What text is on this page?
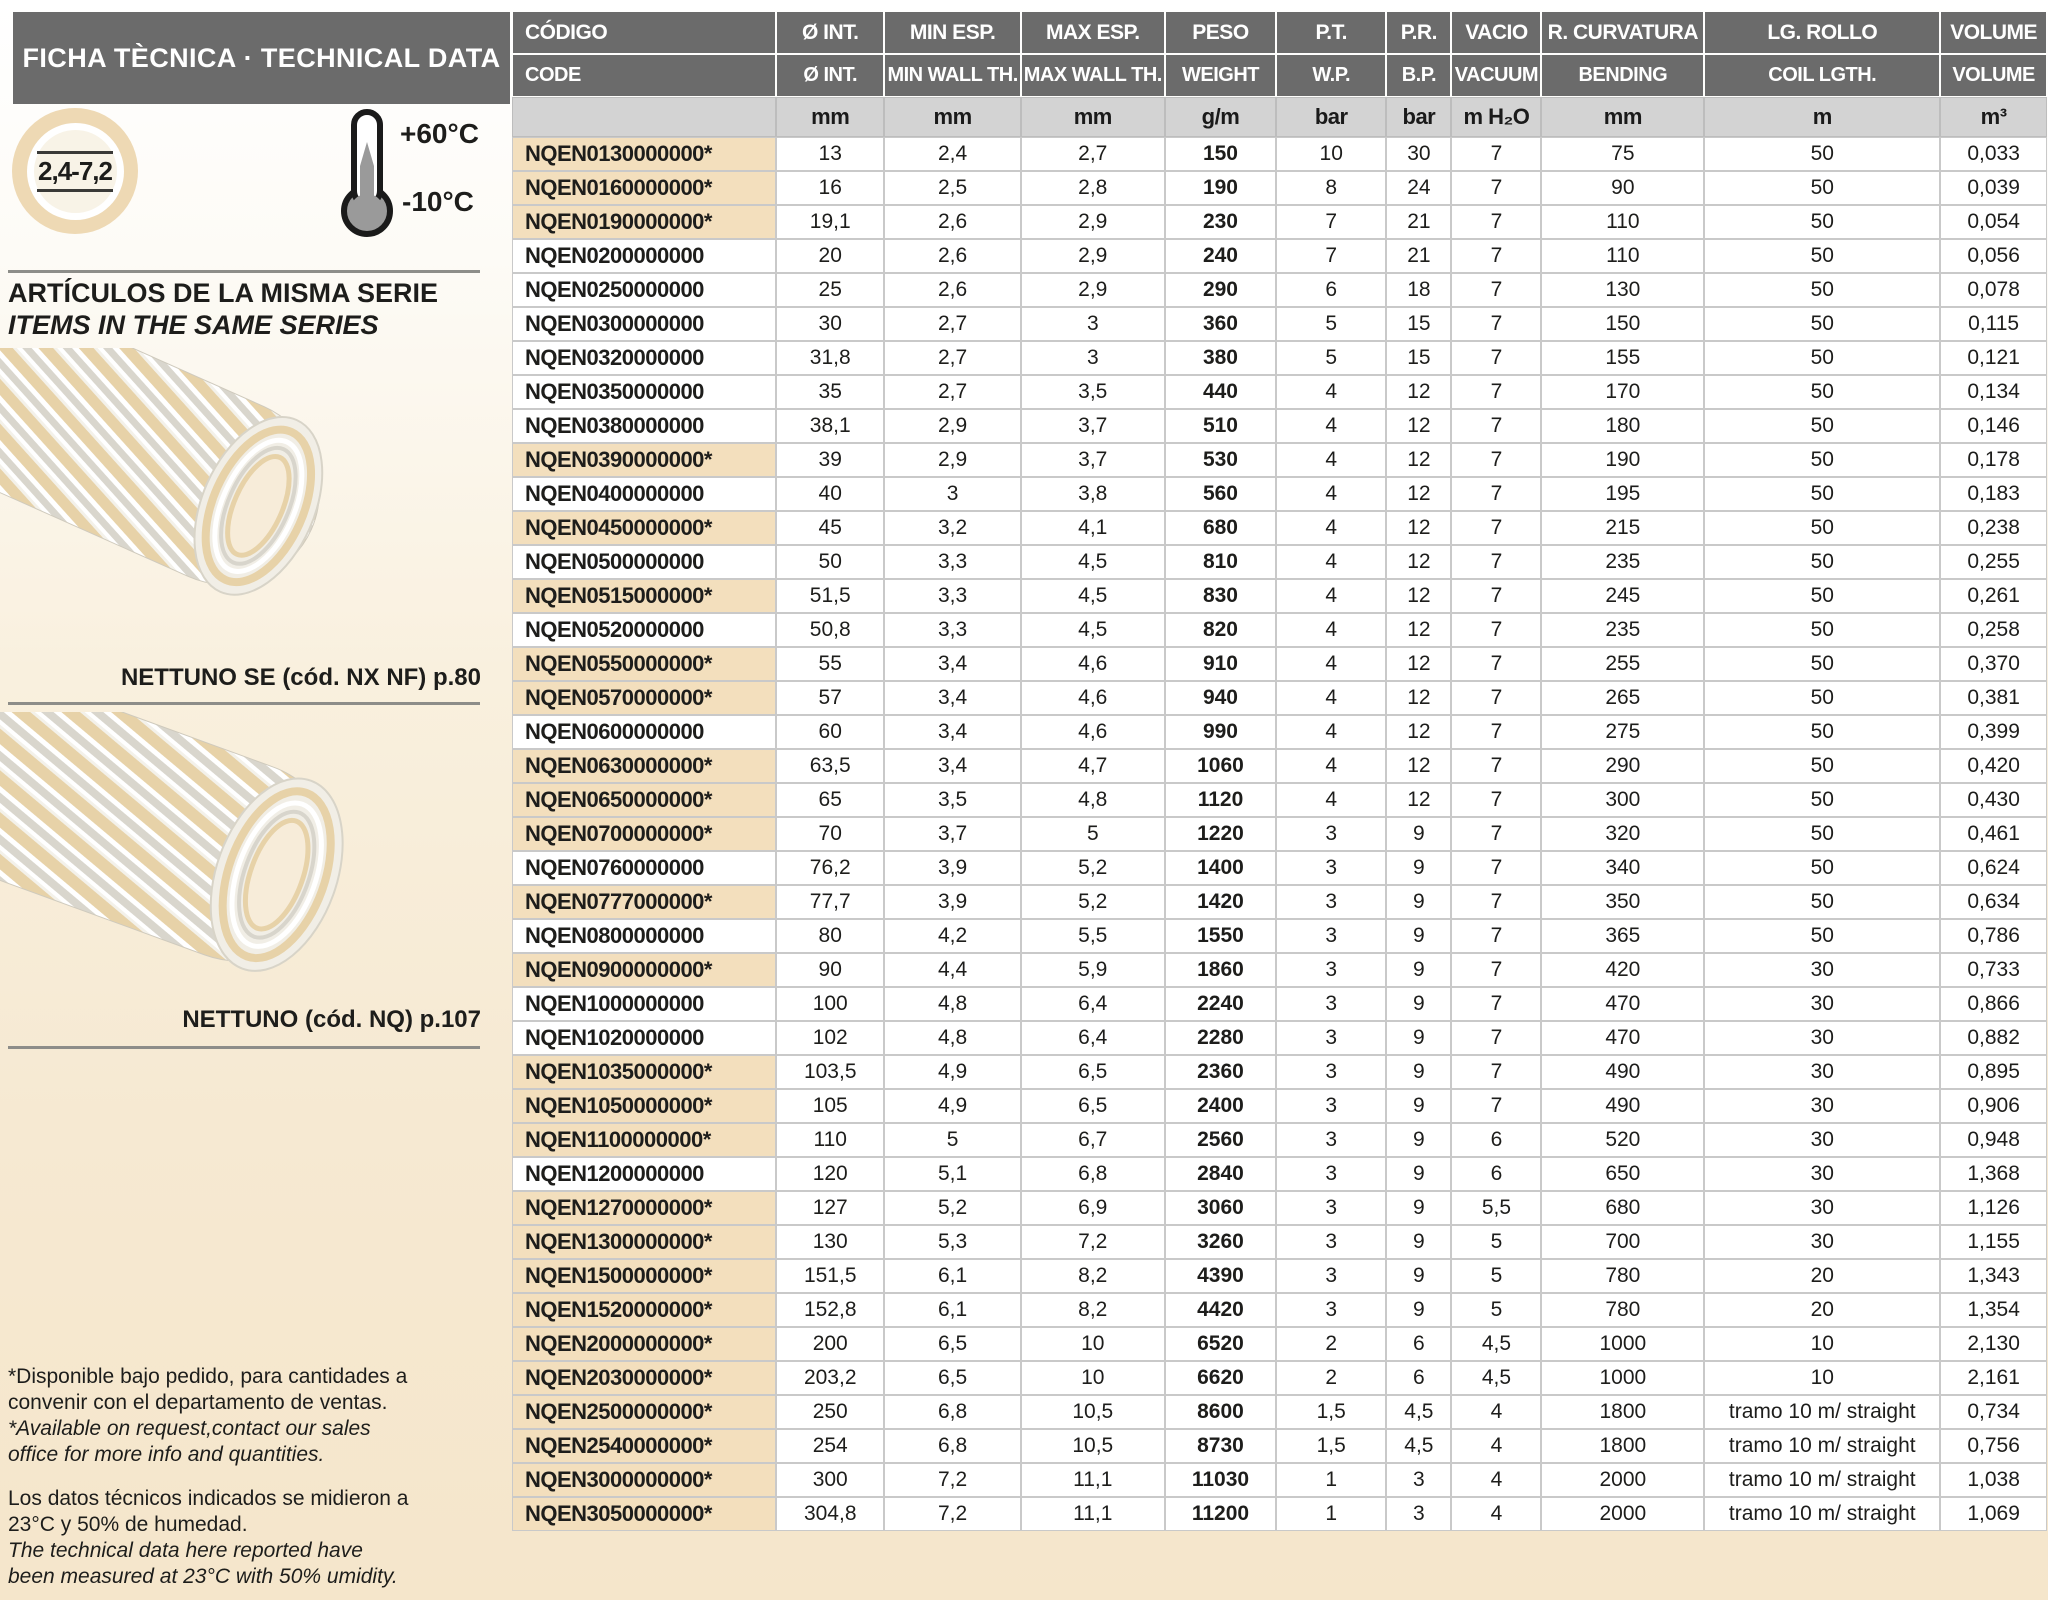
FICHA TÈCNICA · TECHNICAL DATA
2,4-7,2
+60°C
-10°C
ARTÍCULOS DE LA MISMA SERIE
ITEMS IN THE SAME SERIES
NETTUNO SE (cód. NX NF) p.80
NETTUNO (cód. NQ) p.107

*Disponible bajo pedido, para cantidades a convenir con el departamento de ventas.

*Available on request,contact our sales office for more info and quantities.

Los datos técnicos indicados se midieron a 23°C y 50% de humedad.

The technical data here reported have been measured at 23°C with 50% umidity.

CÓDIGO	Ø INT.	MIN ESP.	MAX ESP.	PESO	P.T.	P.R.	VACIO	R. CURVATURA	LG. ROLLO	VOLUME
CODE	Ø INT.	MIN WALL TH.	MAX WALL TH.	WEIGHT	W.P.	B.P.	VACUUM	BENDING	COIL LGTH.	VOLUME
	mm	mm	mm	g/m	bar	bar	m H₂O	mm	m	m³
NQEN0130000000*	13	2,4	2,7	150	10	30	7	75	50	0,033
NQEN0160000000*	16	2,5	2,8	190	8	24	7	90	50	0,039
NQEN0190000000*	19,1	2,6	2,9	230	7	21	7	110	50	0,054
NQEN0200000000	20	2,6	2,9	240	7	21	7	110	50	0,056
NQEN0250000000	25	2,6	2,9	290	6	18	7	130	50	0,078
NQEN0300000000	30	2,7	3	360	5	15	7	150	50	0,115
NQEN0320000000	31,8	2,7	3	380	5	15	7	155	50	0,121
NQEN0350000000	35	2,7	3,5	440	4	12	7	170	50	0,134
NQEN0380000000	38,1	2,9	3,7	510	4	12	7	180	50	0,146
NQEN0390000000*	39	2,9	3,7	530	4	12	7	190	50	0,178
NQEN0400000000	40	3	3,8	560	4	12	7	195	50	0,183
NQEN0450000000*	45	3,2	4,1	680	4	12	7	215	50	0,238
NQEN0500000000	50	3,3	4,5	810	4	12	7	235	50	0,255
NQEN0515000000*	51,5	3,3	4,5	830	4	12	7	245	50	0,261
NQEN0520000000	50,8	3,3	4,5	820	4	12	7	235	50	0,258
NQEN0550000000*	55	3,4	4,6	910	4	12	7	255	50	0,370
NQEN0570000000*	57	3,4	4,6	940	4	12	7	265	50	0,381
NQEN0600000000	60	3,4	4,6	990	4	12	7	275	50	0,399
NQEN0630000000*	63,5	3,4	4,7	1060	4	12	7	290	50	0,420
NQEN0650000000*	65	3,5	4,8	1120	4	12	7	300	50	0,430
NQEN0700000000*	70	3,7	5	1220	3	9	7	320	50	0,461
NQEN0760000000	76,2	3,9	5,2	1400	3	9	7	340	50	0,624
NQEN0777000000*	77,7	3,9	5,2	1420	3	9	7	350	50	0,634
NQEN0800000000	80	4,2	5,5	1550	3	9	7	365	50	0,786
NQEN0900000000*	90	4,4	5,9	1860	3	9	7	420	30	0,733
NQEN1000000000	100	4,8	6,4	2240	3	9	7	470	30	0,866
NQEN1020000000	102	4,8	6,4	2280	3	9	7	470	30	0,882
NQEN1035000000*	103,5	4,9	6,5	2360	3	9	7	490	30	0,895
NQEN1050000000*	105	4,9	6,5	2400	3	9	7	490	30	0,906
NQEN1100000000*	110	5	6,7	2560	3	9	6	520	30	0,948
NQEN1200000000	120	5,1	6,8	2840	3	9	6	650	30	1,368
NQEN1270000000*	127	5,2	6,9	3060	3	9	5,5	680	30	1,126
NQEN1300000000*	130	5,3	7,2	3260	3	9	5	700	30	1,155
NQEN1500000000*	151,5	6,1	8,2	4390	3	9	5	780	20	1,343
NQEN1520000000*	152,8	6,1	8,2	4420	3	9	5	780	20	1,354
NQEN2000000000*	200	6,5	10	6520	2	6	4,5	1000	10	2,130
NQEN2030000000*	203,2	6,5	10	6620	2	6	4,5	1000	10	2,161
NQEN2500000000*	250	6,8	10,5	8600	1,5	4,5	4	1800	tramo 10 m/ straight	0,734
NQEN2540000000*	254	6,8	10,5	8730	1,5	4,5	4	1800	tramo 10 m/ straight	0,756
NQEN3000000000*	300	7,2	11,1	11030	1	3	4	2000	tramo 10 m/ straight	1,038
NQEN3050000000*	304,8	7,2	11,1	11200	1	3	4	2000	tramo 10 m/ straight	1,069
